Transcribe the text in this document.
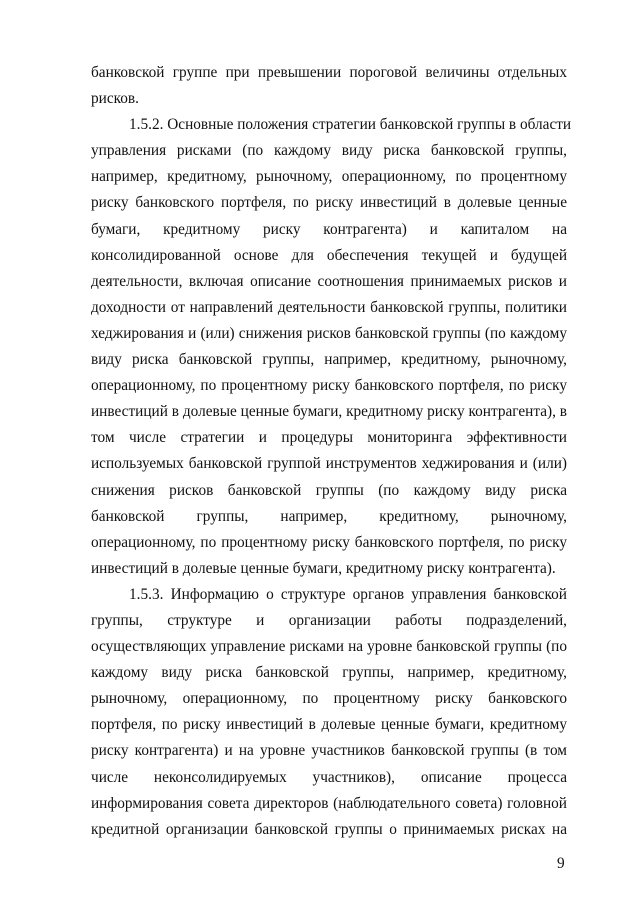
банковской группе при превышении пороговой величины отдельных
рисков.
1.5.2. Основные положения стратегии банковской группы в области
управления рисками (по каждому виду риска банковской группы,
например, кредитному, рыночному, операционному, по процентному
риску банковского портфеля, по риску инвестиций в долевые ценные
бумаги, кредитному риску контрагента) и капиталом на
консолидированной основе для обеспечения текущей и будущей
деятельности, включая описание соотношения принимаемых рисков и
доходности от направлений деятельности банковской группы, политики
хеджирования и (или) снижения рисков банковской группы (по каждому
виду риска банковской группы, например, кредитному, рыночному,
операционному, по процентному риску банковского портфеля, по риску
инвестиций в долевые ценные бумаги, кредитному риску контрагента), в
том числе стратегии и процедуры мониторинга эффективности
используемых банковской группой инструментов хеджирования и (или)
снижения рисков банковской группы (по каждому виду риска
банковской группы, например, кредитному, рыночному,
операционному, по процентному риску банковского портфеля, по риску
инвестиций в долевые ценные бумаги, кредитному риску контрагента).
1.5.3. Информацию о структуре органов управления банковской
группы, структуре и организации работы подразделений,
осуществляющих управление рисками на уровне банковской группы (по
каждому виду риска банковской группы, например, кредитному,
рыночному, операционному, по процентному риску банковского
портфеля, по риску инвестиций в долевые ценные бумаги, кредитному
риску контрагента) и на уровне участников банковской группы (в том
числе неконсолидируемых участников), описание процесса
информирования совета директоров (наблюдательного совета) головной
кредитной организации банковской группы о принимаемых рисках на
9
